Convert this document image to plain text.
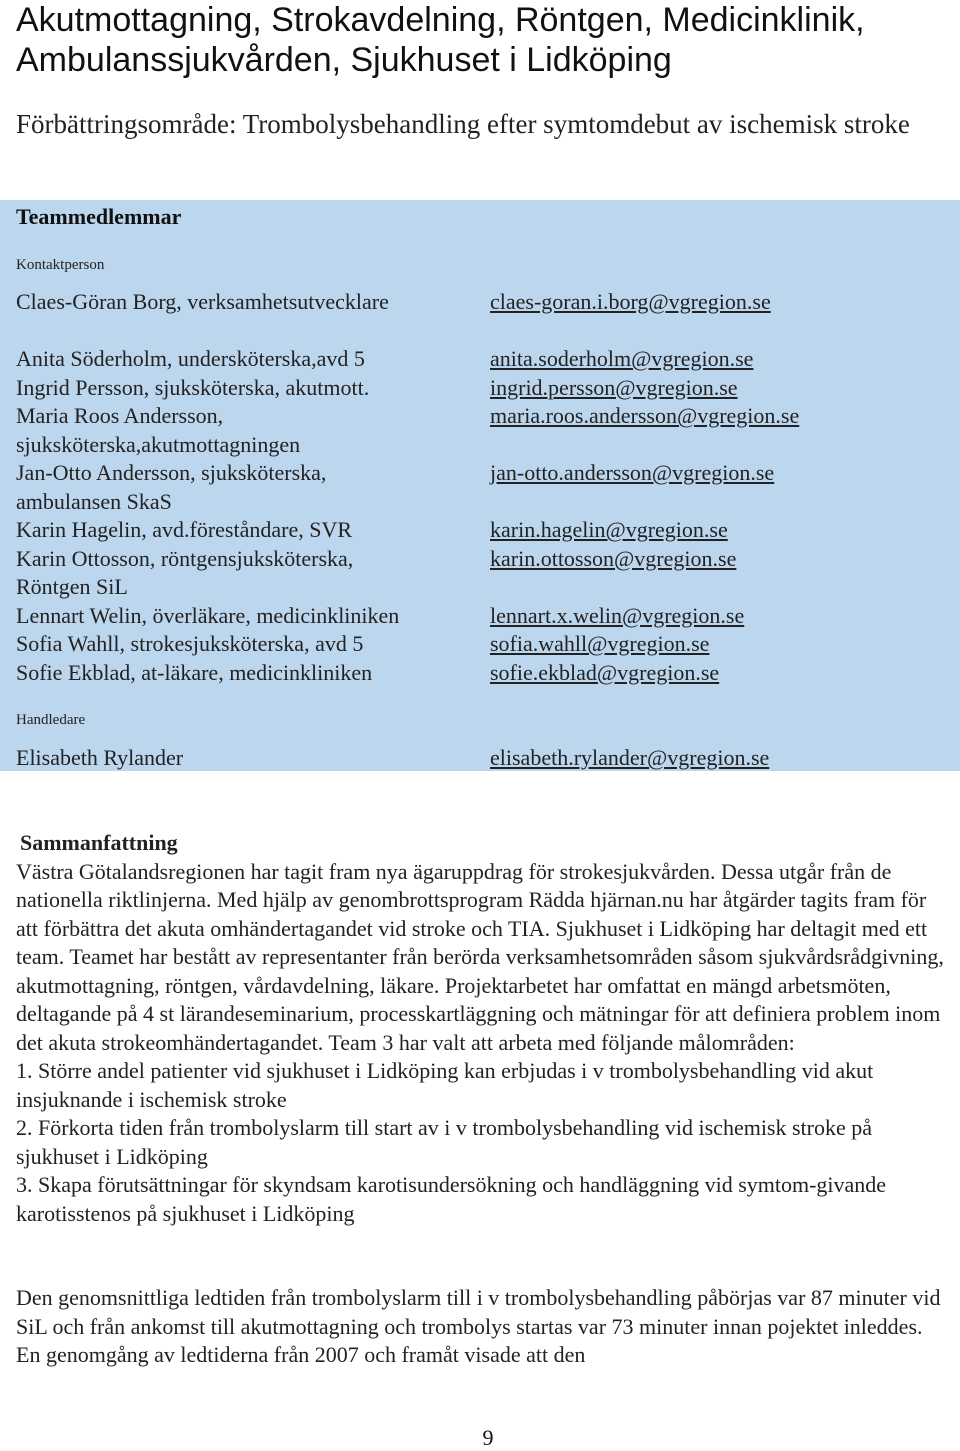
Akutmottagning, Strokavdelning, Röntgen, Medicinklinik, Ambulanssjukvården, Sjukhuset i Lidköping
Förbättringsområde: Trombolysbehandling efter symtomdebut av ischemisk stroke
Teammedlemmar
Kontaktperson
Claes-Göran Borg, verksamhetsutvecklare	claes-goran.i.borg@vgregion.se
Anita Söderholm, undersköterska,avd 5
Ingrid Persson, sjuksköterska, akutmott.
Maria Roos Andersson,
sjuksköterska,akutmottagningen
Jan-Otto Andersson, sjuksköterska,
ambulansen SkaS
Karin Hagelin, avd.föreståndare, SVR
Karin Ottosson, röntgensjuksköterska,
Röntgen SiL
Lennart Welin, överläkare, medicinkliniken
Sofia Wahll, strokesjuksköterska, avd 5
Sofie Ekblad, at-läkare, medicinkliniken
anita.soderholm@vgregion.se
ingrid.persson@vgregion.se
maria.roos.andersson@vgregion.se
jan-otto.andersson@vgregion.se
karin.hagelin@vgregion.se
karin.ottosson@vgregion.se
lennart.x.welin@vgregion.se
sofia.wahll@vgregion.se
sofie.ekblad@vgregion.se
Handledare
Elisabeth Rylander	elisabeth.rylander@vgregion.se
Sammanfattning

Västra Götalandsregionen har tagit fram nya ägaruppdrag för strokesjukvården. Dessa utgår från de nationella riktlinjerna. Med hjälp av genombrottsprogram Rädda hjärnan.nu har åtgärder tagits fram för att förbättra det akuta omhändertagandet vid stroke och TIA. Sjukhuset i Lidköping har deltagit med ett team. Teamet har bestått av representanter från berörda verksamhetsområden såsom sjukvårdsrådgivning, akutmottagning, röntgen, vårdavdelning, läkare. Projektarbetet har omfattat en mängd arbetsmöten, deltagande på 4 st lärandeseminarium, processkartläggning och mätningar för att definiera problem inom det akuta strokeomhändertagandet. Team 3 har valt att arbeta med följande målområden:

1. Större andel patienter vid sjukhuset i Lidköping kan erbjudas i v trombolysbehandling vid akut insjuknande i ischemisk stroke

2. Förkorta tiden från trombolyslarm till start av i v trombolysbehandling vid ischemisk stroke på sjukhuset i Lidköping

3. Skapa förutsättningar för skyndsam karotisundersökning och handläggning vid symtom-givande karotisstenos på sjukhuset i Lidköping

Den genomsnittliga ledtiden från trombolyslarm till i v trombolysbehandling påbörjas var 87 minuter vid SiL och från ankomst till akutmottagning och trombolys startas var 73 minuter innan pojektet inleddes. En genomgång av ledtiderna från 2007 och framåt visade att den

9
